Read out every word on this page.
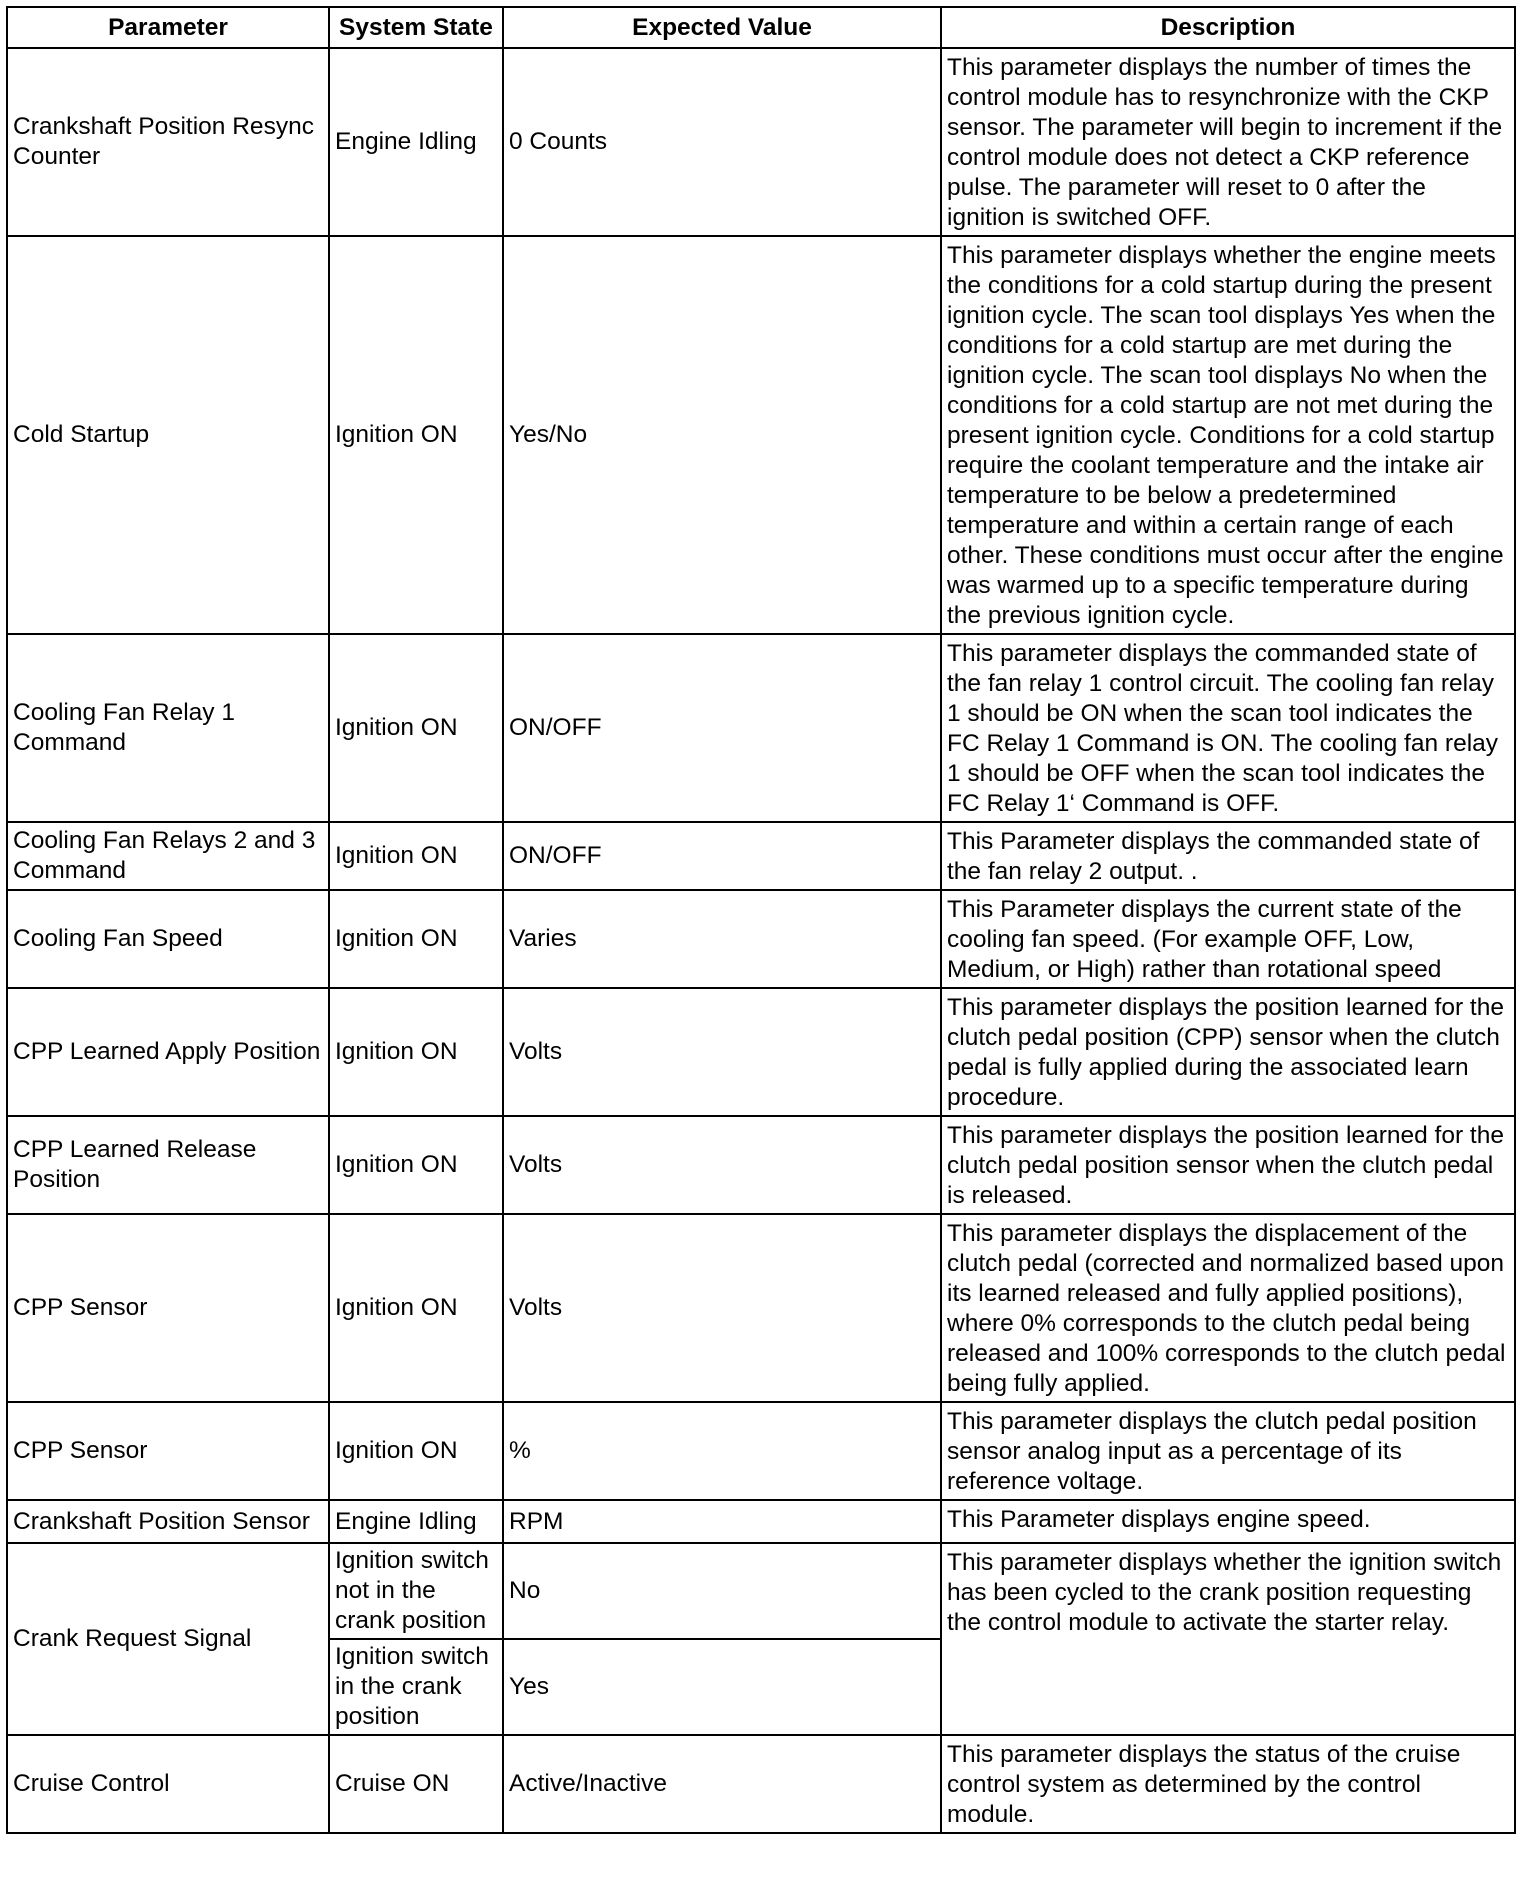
Parameter	System State	Expected Value	Description
Crankshaft Position Resync Counter	Engine Idling	0 Counts	This parameter displays the number of times the control module has to resynchronize with the CKP sensor. The parameter will begin to increment if the control module does not detect a CKP reference pulse. The parameter will reset to 0 after the ignition is switched OFF.
Cold Startup	Ignition ON	Yes/No	This parameter displays whether the engine meets the conditions for a cold startup during the present ignition cycle. The scan tool displays Yes when the conditions for a cold startup are met during the ignition cycle. The scan tool displays No when the conditions for a cold startup are not met during the present ignition cycle. Conditions for a cold startup require the coolant temperature and the intake air temperature to be below a predetermined temperature and within a certain range of each other. These conditions must occur after the engine was warmed up to a specific temperature during the previous ignition cycle.
Cooling Fan Relay 1 Command	Ignition ON	ON/OFF	This parameter displays the commanded state of the fan relay 1 control circuit. The cooling fan relay 1 should be ON when the scan tool indicates the FC Relay 1 Command is ON. The cooling fan relay 1 should be OFF when the scan tool indicates the FC Relay 1‘ Command is OFF.
Cooling Fan Relays 2 and 3 Command	Ignition ON	ON/OFF	This Parameter displays the commanded state of the fan relay 2 output. .
Cooling Fan Speed	Ignition ON	Varies	This Parameter displays the current state of the cooling fan speed. (For example OFF, Low, Medium, or High) rather than rotational speed
CPP Learned Apply Position	Ignition ON	Volts	This parameter displays the position learned for the clutch pedal position (CPP) sensor when the clutch pedal is fully applied during the associated learn procedure.
CPP Learned Release Position	Ignition ON	Volts	This parameter displays the position learned for the clutch pedal position sensor when the clutch pedal is released.
CPP Sensor	Ignition ON	Volts	This parameter displays the displacement of the clutch pedal (corrected and normalized based upon its learned released and fully applied positions), where 0% corresponds to the clutch pedal being released and 100% corresponds to the clutch pedal being fully applied.
CPP Sensor	Ignition ON	%	This parameter displays the clutch pedal position sensor analog input as a percentage of its reference voltage.
Crankshaft Position Sensor	Engine Idling	RPM	This Parameter displays engine speed.
Crank Request Signal	Ignition switch not in the crank position	No	This parameter displays whether the ignition switch has been cycled to the crank position requesting the control module to activate the starter relay.
	Ignition switch in the crank position	Yes	
Cruise Control	Cruise ON	Active/Inactive	This parameter displays the status of the cruise control system as determined by the control module.
